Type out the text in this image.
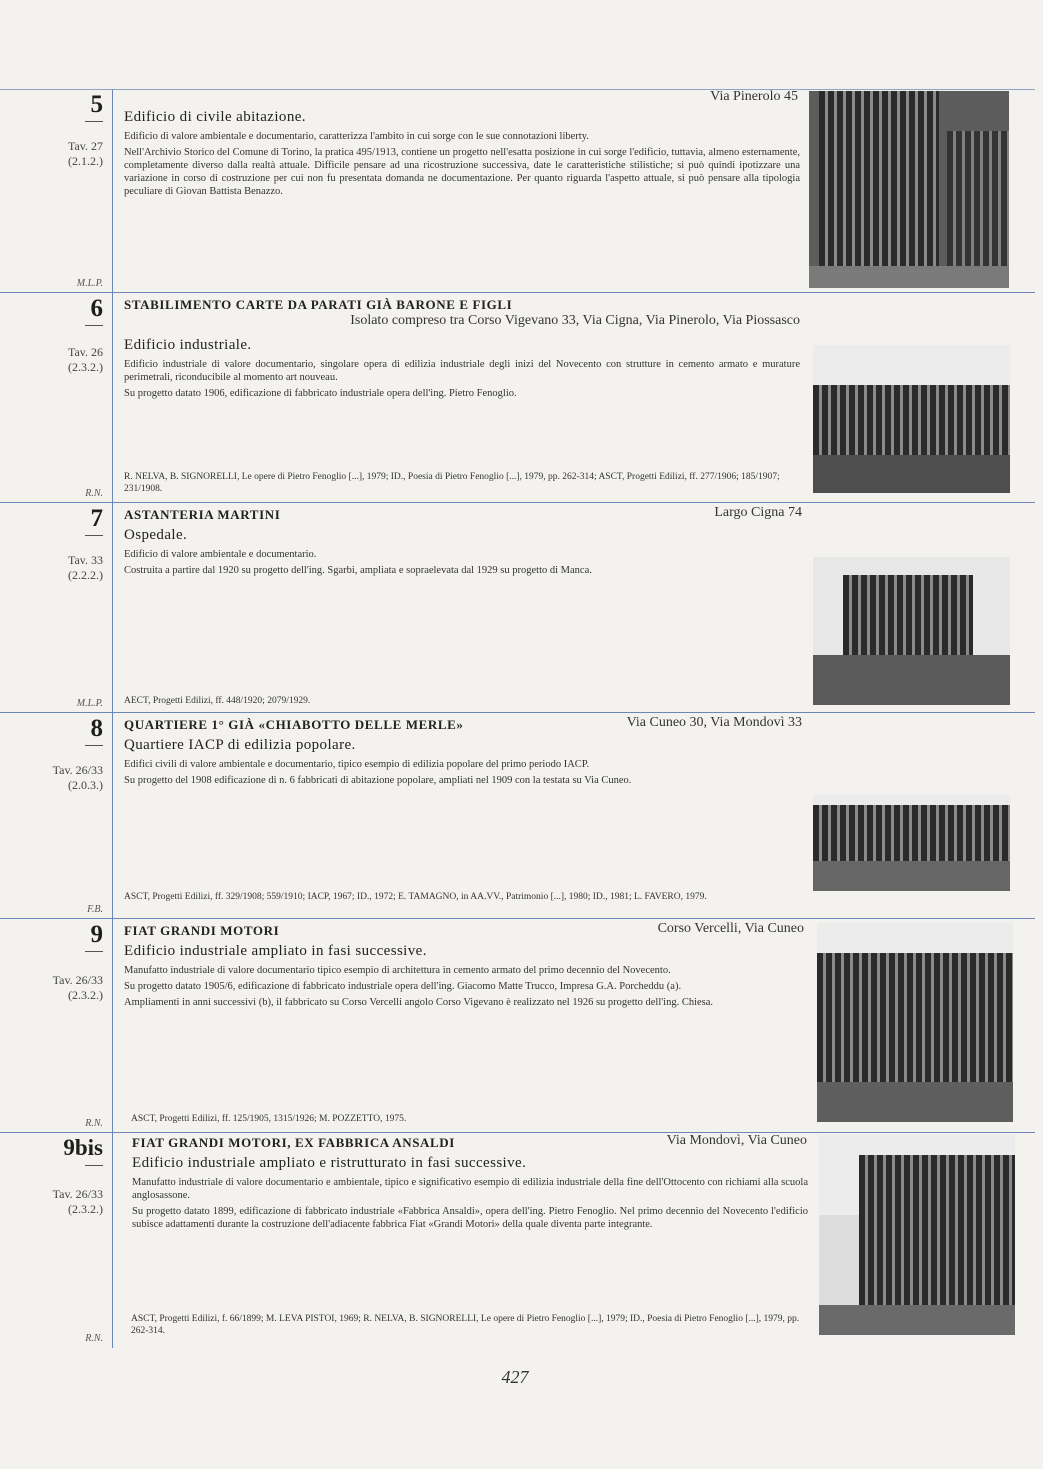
5
Tav. 27
(2.1.2.)
M.L.P.
Via Pinerolo 45
Edificio di civile abitazione.

Edificio di valore ambientale e documentario, caratterizza l'ambito in cui sorge con le sue connotazioni liberty.

Nell'Archivio Storico del Comune di Torino, la pratica 495/1913, contiene un progetto nell'esatta posizione in cui sorge l'edificio, tuttavia, almeno esternamente, completamente diverso dalla realtà attuale. Difficile pensare ad una ricostruzione successiva, date le caratteristiche stilistiche; si può quindi ipotizzare una variazione in corso di costruzione per cui non fu presentata domanda ne documentazione. Per quanto riguarda l'aspetto attuale, si può pensare alla tipologia peculiare di Giovan Battista Benazzo.

6
Tav. 26
(2.3.2.)
R.N.
STABILIMENTO CARTE DA PARATI GIÀ BARONE E FIGLI
Isolato compreso tra Corso Vigevano 33, Via Cigna, Via Pinerolo, Via Piossasco
Edificio industriale.

Edificio industriale di valore documentario, singolare opera di edilizia industriale degli inizi del Novecento con strutture in cemento armato e murature perimetrali, riconducibile al momento art nouveau.

Su progetto datato 1906, edificazione di fabbricato industriale opera dell'ing. Pietro Fenoglio.

R. NELVA, B. SIGNORELLI, Le opere di Pietro Fenoglio [...], 1979; ID., Poesia di Pietro Fenoglio [...], 1979, pp. 262-314; ASCT, Progetti Edilizi, ff. 277/1906; 185/1907; 231/1908.
7
Tav. 33
(2.2.2.)
M.L.P.
ASTANTERIA MARTINI	Largo Cigna 74
Ospedale.

Edificio di valore ambientale e documentario.

Costruita a partire dal 1920 su progetto dell'ing. Sgarbi, ampliata e sopraelevata dal 1929 su progetto di Manca.

AECT, Progetti Edilizi, ff. 448/1920; 2079/1929.
8
Tav. 26/33
(2.0.3.)
F.B.
QUARTIERE 1° GIÀ «CHIABOTTO DELLE MERLE»	Via Cuneo 30, Via Mondovì 33
Quartiere IACP di edilizia popolare.

Edifici civili di valore ambientale e documentario, tipico esempio di edilizia popolare del primo periodo IACP.

Su progetto del 1908 edificazione di n. 6 fabbricati di abitazione popolare, ampliati nel 1909 con la testata su Via Cuneo.

ASCT, Progetti Edilizi, ff. 329/1908; 559/1910; IACP, 1967; ID., 1972; E. TAMAGNO, in AA.VV., Patrimonio [...], 1980; ID., 1981; L. FAVERO, 1979.
9
Tav. 26/33
(2.3.2.)
R.N.
FIAT GRANDI MOTORI	Corso Vercelli, Via Cuneo
Edificio industriale ampliato in fasi successive.

Manufatto industriale di valore documentario tipico esempio di architettura in cemento armato del primo decennio del Novecento.

Su progetto datato 1905/6, edificazione di fabbricato industriale opera dell'ing. Giacomo Matte Trucco, Impresa G.A. Porcheddu (a).

Ampliamenti in anni successivi (b), il fabbricato su Corso Vercelli angolo Corso Vigevano è realizzato nel 1926 su progetto dell'ing. Chiesa.

ASCT, Progetti Edilizi, ff. 125/1905, 1315/1926; M. POZZETTO, 1975.
9bis
Tav. 26/33
(2.3.2.)
R.N.
FIAT GRANDI MOTORI, EX FABBRICA ANSALDI	Via Mondovì, Via Cuneo
Edificio industriale ampliato e ristrutturato in fasi successive.

Manufatto industriale di valore documentario e ambientale, tipico e significativo esempio di edilizia industriale della fine dell'Ottocento con richiami alla scuola anglosassone.

Su progetto datato 1899, edificazione di fabbricato industriale «Fabbrica Ansaldi», opera dell'ing. Pietro Fenoglio. Nel primo decennio del Novecento l'edificio subisce adattamenti durante la costruzione dell'adiacente fabbrica Fiat «Grandi Motori» della quale diventa parte integrante.

ASCT, Progetti Edilizi, f. 66/1899; M. LEVA PISTOI, 1969; R. NELVA, B. SIGNORELLI, Le opere di Pietro Fenoglio [...], 1979; ID., Poesia di Pietro Fenoglio [...], 1979, pp. 262-314.
427
